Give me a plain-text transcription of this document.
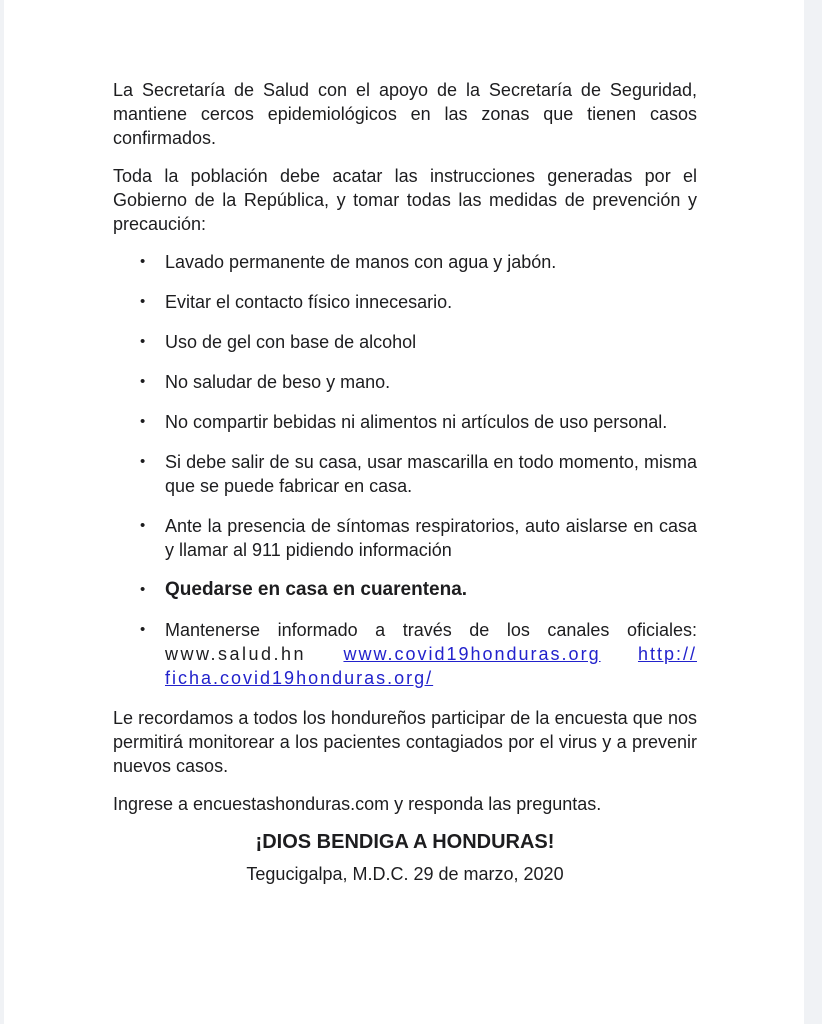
La Secretaría de Salud con el apoyo de la Secretaría de Seguridad, mantiene cercos epidemiológicos en las zonas que tienen casos confirmados.

Toda la población debe acatar las instrucciones generadas por el Gobierno de la República, y tomar todas las medidas de prevención y precaución:

•	Lavado permanente de manos con agua y jabón.
•	Evitar el contacto físico innecesario.
•	Uso de gel con base de alcohol
•	No saludar de beso y mano.
•	No compartir bebidas ni alimentos ni artículos de uso personal.
•	Si debe salir de su casa, usar mascarilla en todo momento, misma que se puede fabricar en casa.
•	Ante la presencia de síntomas respiratorios, auto aislarse en casa y llamar al 911 pidiendo información
•	Quedarse en casa en cuarentena.
•	Mantenerse informado a través de los canales oficiales:
www.salud.hn www.covid19honduras.org http://
ficha.covid19honduras.org/

Le recordamos a todos los hondureños participar de la encuesta que nos permitirá monitorear a los pacientes contagiados por el virus y a prevenir nuevos casos.

Ingrese a encuestashonduras.com y responda las preguntas.

¡DIOS BENDIGA A HONDURAS!

Tegucigalpa, M.D.C. 29 de marzo, 2020
